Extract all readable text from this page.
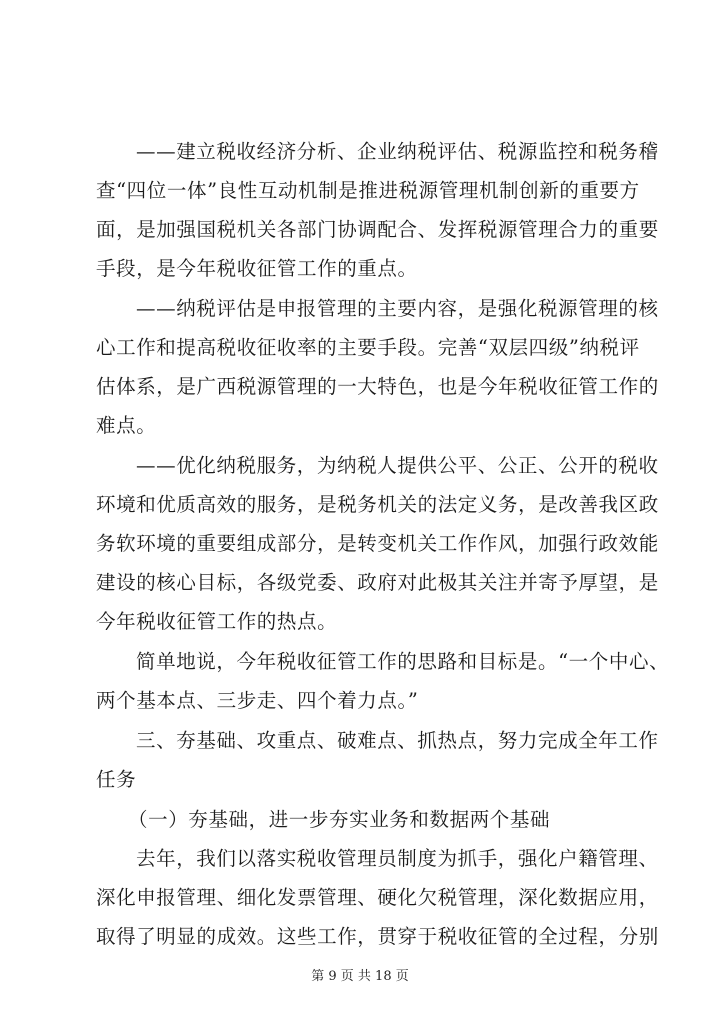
——建立税收经济分析、企业纳税评估、税源监控和税务稽
查“四位一体”良性互动机制是推进税源管理机制创新的重要方
面，是加强国税机关各部门协调配合、发挥税源管理合力的重要
手段，是今年税收征管工作的重点。
——纳税评估是申报管理的主要内容，是强化税源管理的核
心工作和提高税收征收率的主要手段。完善“双层四级”纳税评
估体系，是广西税源管理的一大特色，也是今年税收征管工作的
难点。
——优化纳税服务，为纳税人提供公平、公正、公开的税收
环境和优质高效的服务，是税务机关的法定义务，是改善我区政
务软环境的重要组成部分，是转变机关工作作风，加强行政效能
建设的核心目标，各级党委、政府对此极其关注并寄予厚望，是
今年税收征管工作的热点。
简单地说，今年税收征管工作的思路和目标是。“一个中心、
两个基本点、三步走、四个着力点。”
三、夯基础、攻重点、破难点、抓热点，努力完成全年工作
任务
（一）夯基础，进一步夯实业务和数据两个基础
去年，我们以落实税收管理员制度为抓手，强化户籍管理、
深化申报管理、细化发票管理、硬化欠税管理，深化数据应用，
取得了明显的成效。这些工作，贯穿于税收征管的全过程，分别
第 9 页 共 18 页
